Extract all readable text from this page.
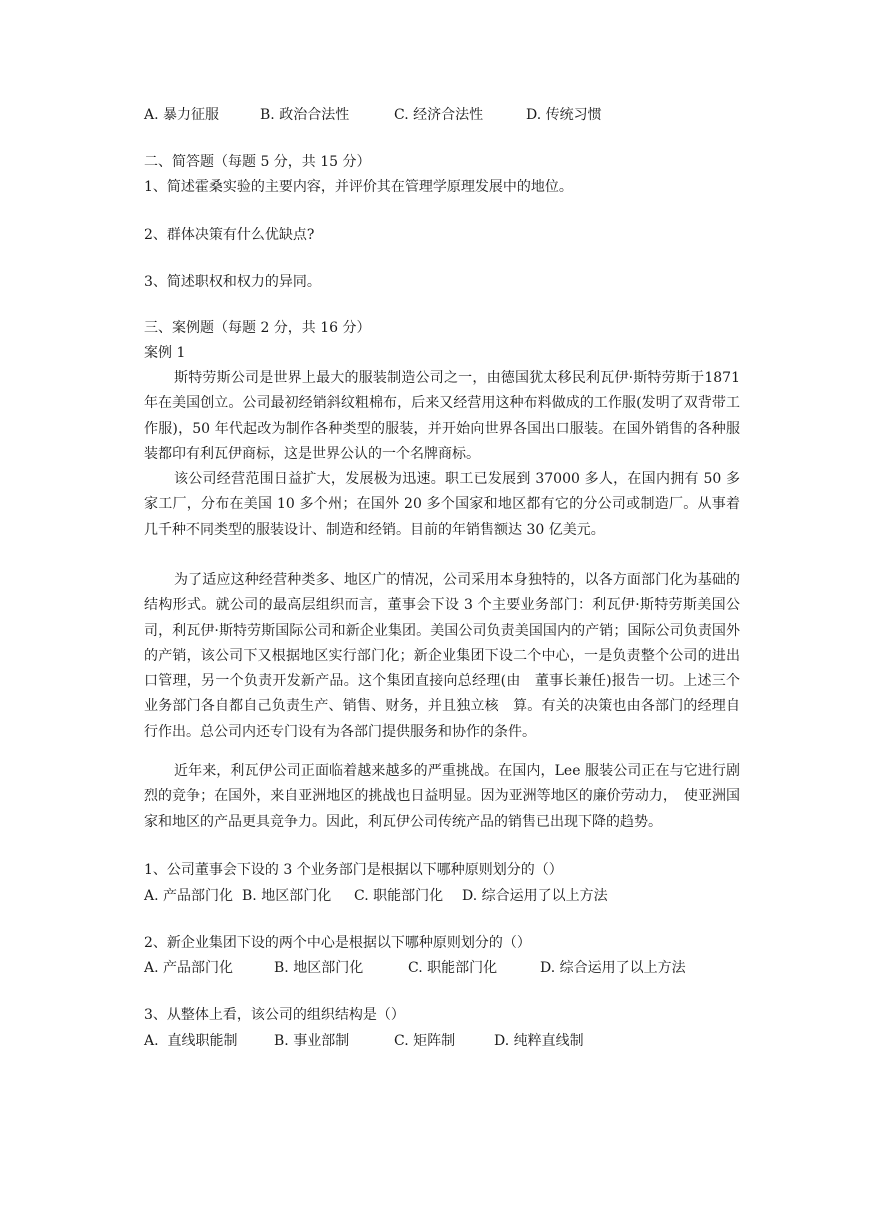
A. 暴力征服	B. 政治合法性	C. 经济合法性	D. 传统习惯
二、简答题（每题 5 分，共 15 分）
1、简述霍桑实验的主要内容，并评价其在管理学原理发展中的地位。
2、群体决策有什么优缺点?
3、简述职权和权力的异同。
三、案例题（每题 2 分，共 16 分）
案例 1
斯特劳斯公司是世界上最大的服装制造公司之一，由德国犹太移民利瓦伊·斯特劳斯于1871 年在美国创立。公司最初经销斜纹粗棉布，后来又经营用这种布料做成的工作服(发明了双背带工作服)，50 年代起改为制作各种类型的服装，并开始向世界各国出口服装。在国外销售的各种服装都印有利瓦伊商标，这是世界公认的一个名牌商标。
该公司经营范围日益扩大，发展极为迅速。职工已发展到 37000 多人，在国内拥有 50 多家工厂，分布在美国 10 多个州；在国外 20 多个国家和地区都有它的分公司或制造厂。从事着几千种不同类型的服装设计、制造和经销。目前的年销售额达 30 亿美元。
为了适应这种经营种类多、地区广的情况，公司采用本身独特的，以各方面部门化为基础的结构形式。就公司的最高层组织而言，董事会下设 3 个主要业务部门：利瓦伊·斯特劳斯美国公司，利瓦伊·斯特劳斯国际公司和新企业集团。美国公司负责美国国内的产销；国际公司负责国外的产销，该公司下又根据地区实行部门化；新企业集团下设二个中心，一是负责整个公司的进出口管理，另一个负责开发新产品。这个集团直接向总经理(由　董事长兼任)报告一切。上述三个业务部门各自都自己负责生产、销售、财务，并且独立核　算。有关的决策也由各部门的经理自行作出。总公司内还专门设有为各部门提供服务和协作的条件。
近年来，利瓦伊公司正面临着越来越多的严重挑战。在国内，Lee 服装公司正在与它进行剧烈的竞争；在国外，来自亚洲地区的挑战也日益明显。因为亚洲等地区的廉价劳动力，　使亚洲国家和地区的产品更具竞争力。因此，利瓦伊公司传统产品的销售已出现下降的趋势。
1、公司董事会下设的 3 个业务部门是根据以下哪种原则划分的（）
A. 产品部门化 B. 地区部门化 C. 职能部门化 D. 综合运用了以上方法
2、新企业集团下设的两个中心是根据以下哪种原则划分的（）
A. 产品部门化	B. 地区部门化	C. 职能部门化	D. 综合运用了以上方法
3、从整体上看，该公司的组织结构是（）
A.  直线职能制	B. 事业部制	C. 矩阵制	D. 纯粹直线制
